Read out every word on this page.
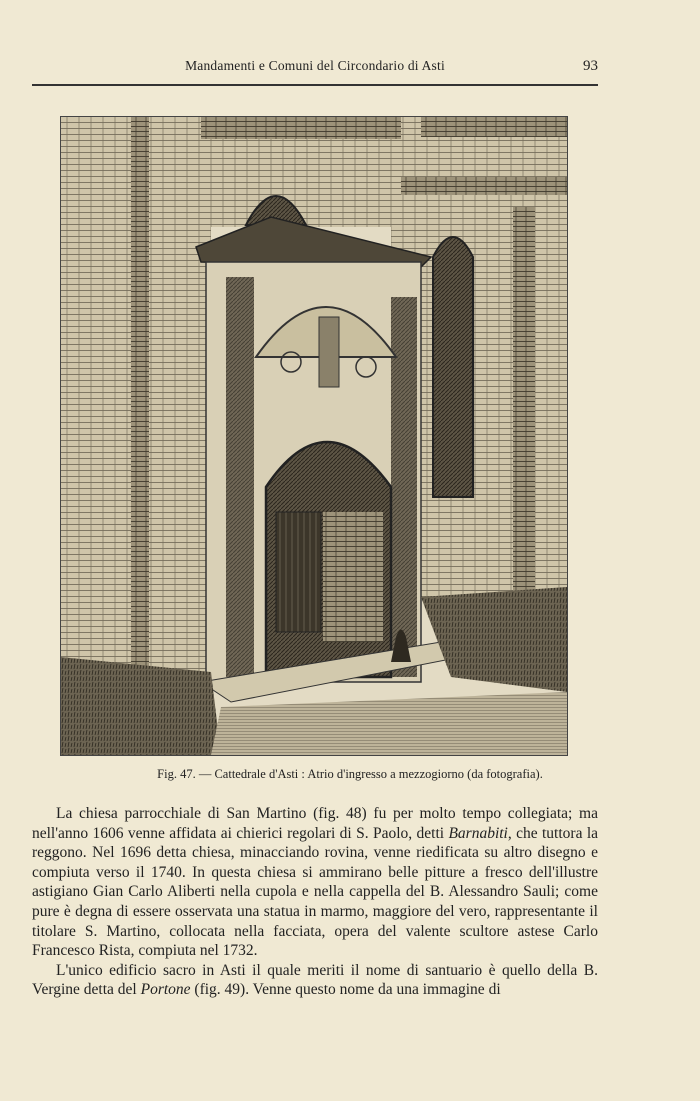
Mandamenti e Comuni del Circondario di Asti	93
Fig. 47. — Cattedrale d'Asti : Atrio d'ingresso a mezzogiorno (da fotografia).

La chiesa parrocchiale di San Martino (fig. 48) fu per molto tempo collegiata; ma nell'anno 1606 venne affidata ai chierici regolari di S. Paolo, detti Barnabiti, che tuttora la reggono. Nel 1696 detta chiesa, minacciando rovina, venne riedificata su altro disegno e compiuta verso il 1740. In questa chiesa si ammirano belle pitture a fresco dell'illustre astigiano Gian Carlo Aliberti nella cupola e nella cappella del B. Alessandro Sauli; come pure è degna di essere osservata una statua in marmo, maggiore del vero, rappresentante il titolare S. Martino, collocata nella facciata, opera del valente scultore astese Carlo Francesco Rista, compiuta nel 1732.

L'unico edificio sacro in Asti il quale meriti il nome di santuario è quello della B. Vergine detta del Portone (fig. 49). Venne questo nome da una immagine di
